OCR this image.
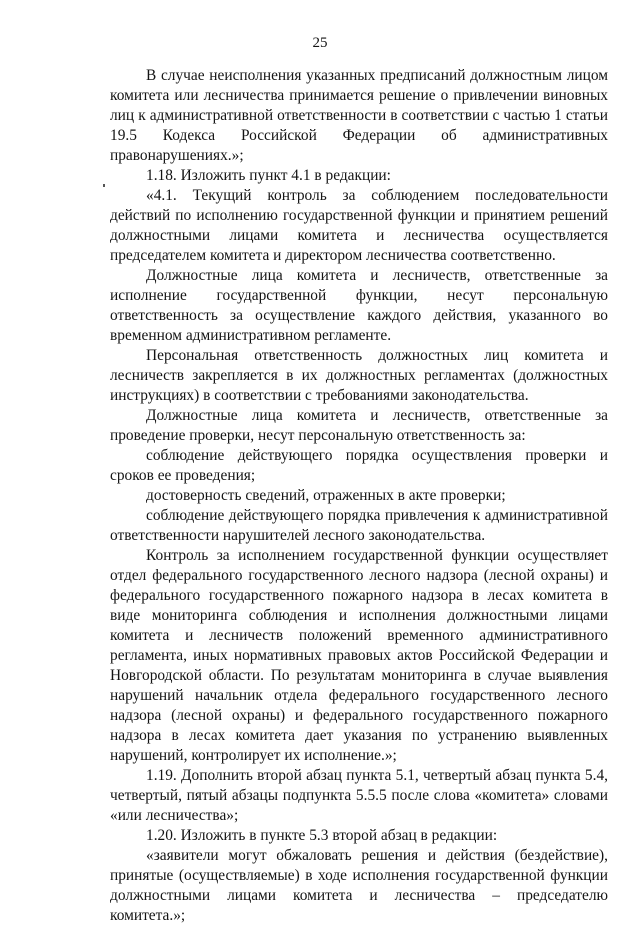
25

В случае неисполнения указанных предписаний должностным лицом комитета или лесничества принимается решение о привлечении виновных лиц к административной ответственности в соответствии с частью 1 статьи 19.5 Кодекса Российской Федерации об административных правонарушениях.»;

1.18. Изложить пункт 4.1 в редакции:

«4.1. Текущий контроль за соблюдением последовательности действий по исполнению государственной функции и принятием решений должностными лицами комитета и лесничества осуществляется председателем комитета и директором лесничества соответственно.

Должностные лица комитета и лесничеств, ответственные за исполнение государственной функции, несут персональную ответственность за осуществление каждого действия, указанного во временном административном регламенте.

Персональная ответственность должностных лиц комитета и лесничеств закрепляется в их должностных регламентах (должностных инструкциях) в соответствии с требованиями законодательства.

Должностные лица комитета и лесничеств, ответственные за проведение проверки, несут персональную ответственность за:

соблюдение действующего порядка осуществления проверки и сроков ее проведения;

достоверность сведений, отраженных в акте проверки;

соблюдение действующего порядка привлечения к административной ответственности нарушителей лесного законодательства.

Контроль за исполнением государственной функции осуществляет отдел федерального государственного лесного надзора (лесной охраны) и федерального государственного пожарного надзора в лесах комитета в виде мониторинга соблюдения и исполнения должностными лицами комитета и лесничеств положений временного административного регламента, иных нормативных правовых актов Российской Федерации и Новгородской области. По результатам мониторинга в случае выявления нарушений начальник отдела федерального государственного лесного надзора (лесной охраны) и федерального государственного пожарного надзора в лесах комитета дает указания по устранению выявленных нарушений, контролирует их исполнение.»;

1.19. Дополнить второй абзац пункта 5.1, четвертый абзац пункта 5.4, четвертый, пятый абзацы подпункта 5.5.5 после слова «комитета» словами «или лесничества»;

1.20. Изложить в пункте 5.3 второй абзац в редакции:

«заявители могут обжаловать решения и действия (бездействие), принятые (осуществляемые) в ходе исполнения государственной функции должностными лицами комитета и лесничества – председателю комитета.»;
